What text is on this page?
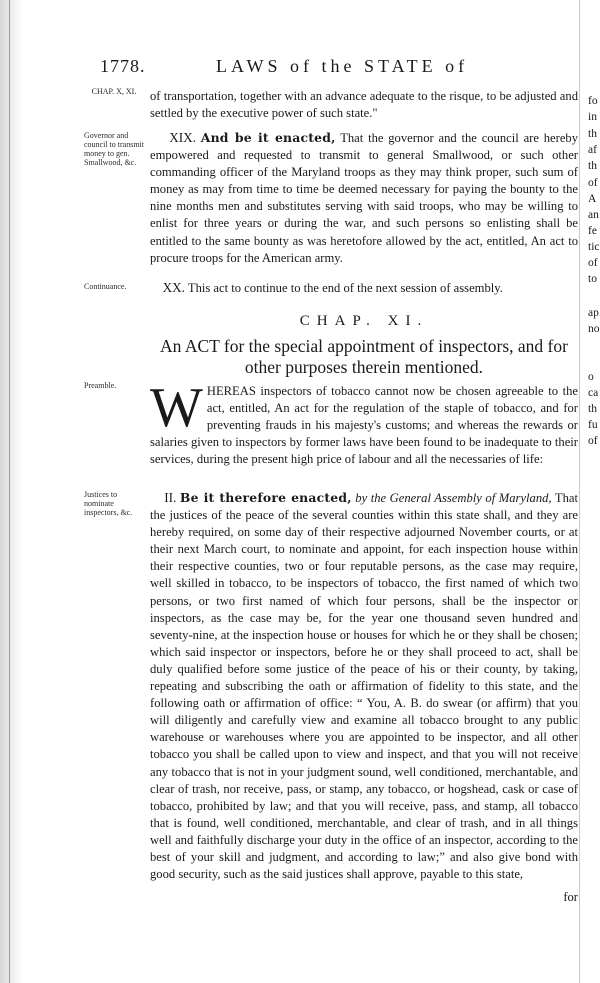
1778.	LAWS of the STATE of
CHAP. X, XI.
Governor and council to transmit money to gen. Smallwood, &c.
Continuance.
Preamble.
Justices to nominate inspectors, &c.

of transportation, together with an advance adequate to the risque, to be adjusted and settled by the executive power of such state."

XIX. And be it enacted, That the governor and the council are hereby empowered and requested to transmit to general Smallwood, or such other commanding officer of the Maryland troops as they may think proper, such sum of money as may from time to time be deemed necessary for paying the bounty to the nine months men and substitutes serving with said troops, who may be willing to enlist for three years or during the war, and such persons so enlisting shall be entitled to the same bounty as was heretofore allowed by the act, entitled, An act to procure troops for the American army.

XX. This act to continue to the end of the next session of assembly.

CHAP. XI.
An ACT for the special appointment of inspectors, and for other purposes therein mentioned.

WHEREAS inspectors of tobacco cannot now be chosen agreeable to the act, entitled, An act for the regulation of the staple of tobacco, and for preventing frauds in his majesty's customs; and whereas the rewards or salaries given to inspectors by former laws have been found to be inadequate to their services, during the present high price of labour and all the necessaries of life:

II. Be it therefore enacted, by the General Assembly of Maryland, That the justices of the peace of the several counties within this state shall, and they are hereby required, on some day of their respective adjourned November courts, or at their next March court, to nominate and appoint, for each inspection house within their respective counties, two or four reputable persons, as the case may require, well skilled in tobacco, to be inspectors of tobacco, the first named of which two persons, or two first named of which four persons, shall be the inspector or inspectors, as the case may be, for the year one thousand seven hundred and seventy-nine, at the inspection house or houses for which he or they shall be chosen; which said inspector or inspectors, before he or they shall proceed to act, shall be duly qualified before some justice of the peace of his or their county, by taking, repeating and subscribing the oath or affirmation of fidelity to this state, and the following oath or affirmation of office: “ You, A. B. do swear (or affirm) that you will diligently and carefully view and examine all tobacco brought to any public warehouse or warehouses where you are appointed to be inspector, and all other tobacco you shall be called upon to view and inspect, and that you will not receive any tobacco that is not in your judgment sound, well conditioned, merchantable, and clear of trash, nor receive, pass, or stamp, any tobacco, or hogshead, cask or case of tobacco, prohibited by law; and that you will receive, pass, and stamp, all tobacco that is found, well conditioned, merchantable, and clear of trash, and in all things well and faithfully discharge your duty in the office of an inspector, according to the best of your skill and judgment, and according to law;” and also give bond with good security, such as the said justices shall approve, payable to this state,

for
fo
in
th
af
th
of
A
an
fe
tic
of
to
ap
no
o
ca
th
fu
of
